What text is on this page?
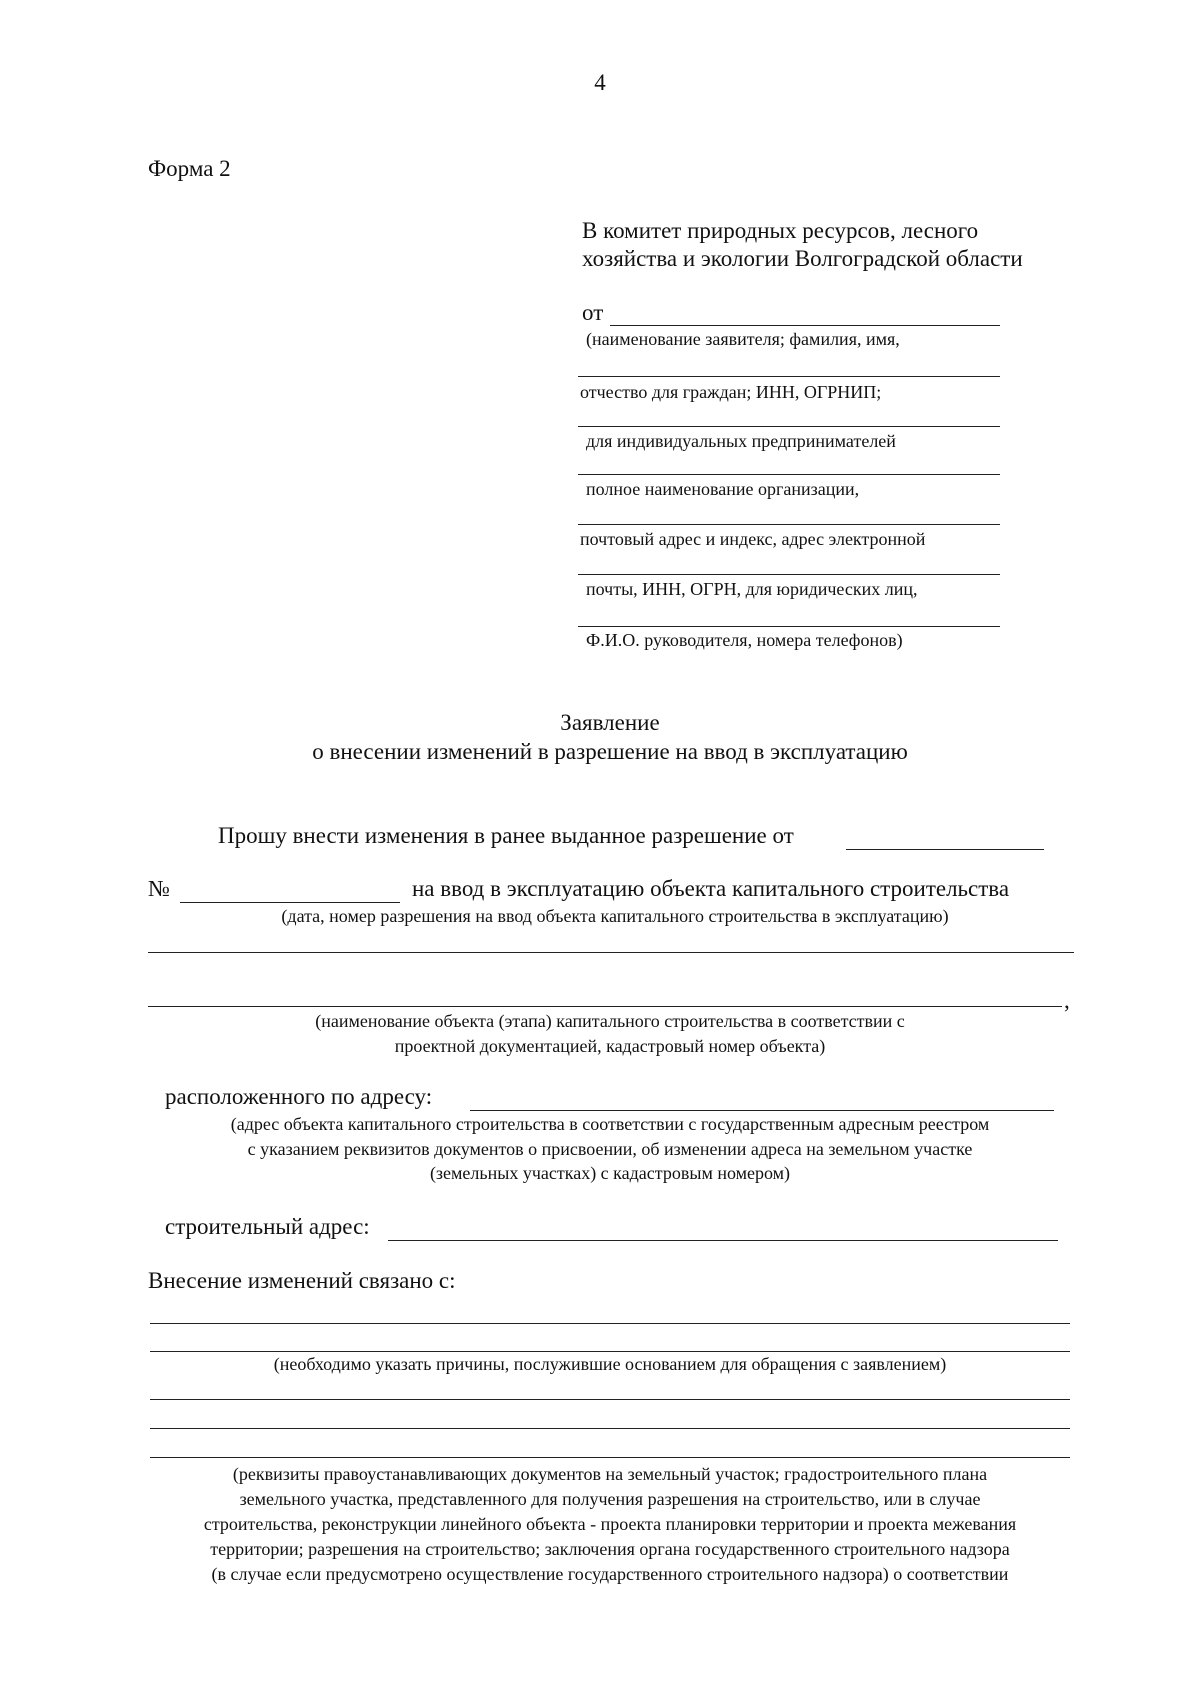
4
Форма 2
В комитет природных ресурсов, лесного
хозяйства и экологии Волгоградской области
от
(наименование заявителя; фамилия, имя,
отчество для граждан; ИНН, ОГРНИП;
для индивидуальных предпринимателей
полное наименование организации,
почтовый адрес и индекс, адрес электронной
почты, ИНН, ОГРН, для юридических лиц,
Ф.И.О. руководителя, номера телефонов)
Заявление
о внесении изменений в разрешение на ввод в эксплуатацию
Прошу внести изменения в ранее выданное разрешение от
№	на ввод в эксплуатацию объекта капитального строительства
(дата, номер разрешения на ввод объекта капитального строительства в эксплуатацию)
,
(наименование объекта (этапа) капитального строительства в соответствии с
проектной документацией, кадастровый номер объекта)
расположенного по адресу:
(адрес объекта капитального строительства в соответствии с государственным адресным реестром
с указанием реквизитов документов о присвоении, об изменении адреса на земельном участке
(земельных участках) с кадастровым номером)
строительный адрес:
Внесение изменений связано с:
(необходимо указать причины, послужившие основанием для обращения с заявлением)
(реквизиты правоустанавливающих документов на земельный участок; градостроительного плана
земельного участка, представленного для получения разрешения на строительство, или в случае
строительства, реконструкции линейного объекта - проекта планировки территории и проекта межевания
территории; разрешения на строительство; заключения органа государственного строительного надзора
(в случае если предусмотрено осуществление государственного строительного надзора) о соответствии
